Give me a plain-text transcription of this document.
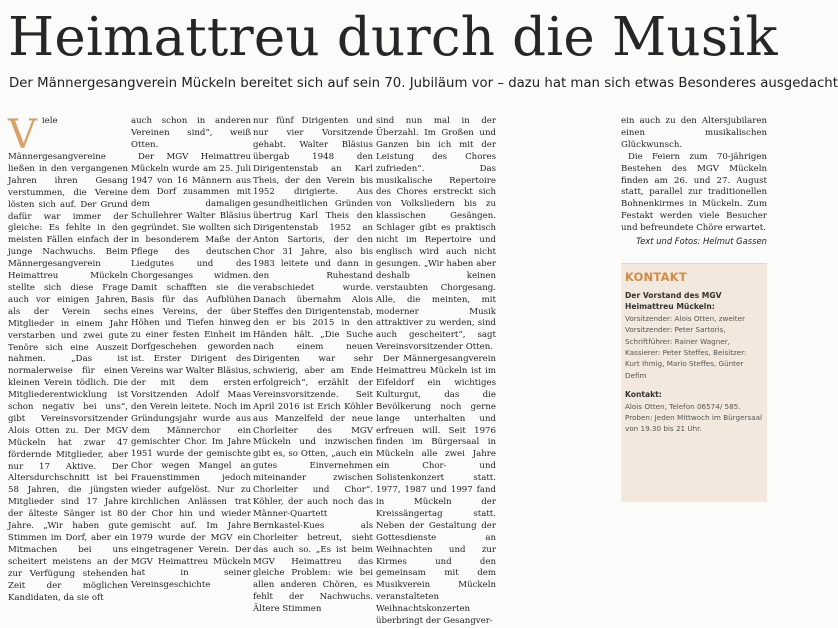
Heimattreu durch die Musik

Der Männergesangverein Mückeln bereitet sich auf sein 70. Jubiläum vor – dazu hat man sich etwas Besonderes ausgedacht

Viele Männergesangvereine ließen in den vergangenen Jahren ihren Gesang verstummen, die Vereine lösten sich auf. Der Grund dafür war immer der gleiche: Es fehlte in den meisten Fällen einfach der junge Nachwuchs. Beim Männergesangverein Heimattreu Mückeln stellte sich diese Frage auch vor einigen Jahren, als der Verein sechs Mitglieder in einem Jahr verstarben und zwei gute Tenöre sich eine Auszeit nahmen. „Das ist normalerweise für einen kleinen Verein tödlich. Die Mitgliederentwicklung ist schon negativ bei uns“, gibt Vereinsvorsitzender Alois Otten zu. Der MGV Mückeln hat zwar 47 fördernde Mitglieder, aber nur 17 Aktive. Der Altersdurchschnitt ist bei 58 Jahren, die jüngsten Mitglieder sind 17 Jahre der älteste Sänger ist 80 Jahre. „Wir haben gute Stimmen im Dorf, aber ein Mitmachen bei uns scheitert meistens an der zur Verfügung stehenden Zeit der möglichen Kandidaten, da sie oft

auch schon in anderen Vereinen sind“, weiß Otten.

Der MGV Heimattreu Mückeln wurde am 25. Juli 1947 von 16 Männern aus dem Dorf zusammen mit dem damaligen Schullehrer Walter Bläsius gegründet. Sie wollten sich in besonderem Maße der Pflege des deutschen Liedgutes und des Chorgesanges widmen. Damit schafften sie die Basis für das Aufblühen eines Vereins, der über Höhen und Tiefen hinweg zu einer festen Einheit im Dorfgeschehen geworden ist. Erster Dirigent des Vereins war Walter Bläsius, der mit dem ersten Vorsitzenden Adolf Maas den Verein leitete. Noch im Gründungsjahr wurde aus dem Männerchor ein gemischter Chor. Im Jahre 1951 wurde der gemischte Chor wegen Mangel an Frauenstimmen jedoch wieder aufgelöst. Nur zu kirchlichen Anlässen trat der Chor hin und wieder gemischt auf. Im Jahre 1979 wurde der MGV ein eingetragener Verein. Der MGV Heimattreu Mückeln hat in seiner Vereinsgeschichte

nur fünf Dirigenten und nur vier Vorsitzende gehabt. Walter Bläsius übergab 1948 den Dirigentenstab an Karl Theis, der den Verein bis 1952 dirigierte. Aus gesundheitlichen Gründen übertrug Karl Theis den Dirigentenstab 1952 an Anton Sartoris, der den Chor 31 Jahre, also bis 1983 leitete und dann in den Ruhestand verabschiedet wurde. Danach übernahm Alois Steffes den Dirigentenstab, den er bis 2015 in den Händen hält. „Die Suche nach einem neuen Dirigenten war sehr schwierig, aber am Ende erfolgreich“, erzählt der Vereinsvorsitzende. Seit April 2016 ist Erich Köhler aus Manzelfeld der neue Chorleiter des MGV Mückeln und inzwischen gibt es, so Otten, „auch ein gutes Einvernehmen miteinander zwischen Chorleiter und Chor“. Köhler, der auch noch das Männer-Quartett Bernkastel-Kues als Chorleiter betreut, sieht das auch so. „Es ist beim MGV Heimattreu das gleiche Problem: wie bei allen anderen Chören, es fehlt der Nachwuchs. Ältere Stimmen

sind nun mal in der Überzahl. Im Großen und Ganzen bin ich mit der Leistung des Chores zufrieden“. Das musikalische Repertoire des Chores erstreckt sich von Volksliedern bis zu klassischen Gesängen. Schlager gibt es praktisch nicht im Repertoire und englisch wird auch nicht gesungen. „Wir haben aber deshalb keinen verstaubten Chorgesang. Alle, die meinten, mit moderner Musik attraktiver zu werden, sind auch gescheitert“, sagt Vereinsvorsitzender Otten.

Der Männergesangverein Heimattreu Mückeln ist im Eifeldorf ein wichtiges Kulturgut, das die Bevölkerung noch gerne lange unterhalten und erfreuen will. Seit 1976 finden im Bürgersaal in Mückeln alle zwei Jahre ein Chor- und Solistenkonzert statt. 1977, 1987 und 1997 fand in Mückeln der Kreissängertag statt. Neben der Gestaltung der Gottesdienste an Weihnachten und zur Kirmes und den gemeinsam mit dem Musikverein Mückeln veranstalteten Weihnachtskonzerten überbringt der Gesangver-

ein auch zu den Altersjubilaren einen musikalischen Glückwunsch.

Die Feiern zum 70-jährigen Bestehen des MGV Mückeln finden am 26. und 27. August statt, parallel zur traditionellen Bohnenkirmes in Mückeln. Zum Festakt werden viele Besucher und befreundete Chöre erwartet.

Text und Fotos: Helmut Gassen
KONTAKT
Der Vorstand des MGV Heimattreu Mückeln:
Vorsitzender: Alois Otten, zweiter Vorsitzender: Peter Sartoris, Schriftführer: Rainer Wagner, Kassierer: Peter Steffes, Beisitzer: Kurt Ihmig, Mario Steffes, Günter Defim
Kontakt:
Alois Otten, Telefon 06574/ 585. Proben: Jeden Mittwoch im Bürgersaal von 19.30 bis 21 Uhr.
